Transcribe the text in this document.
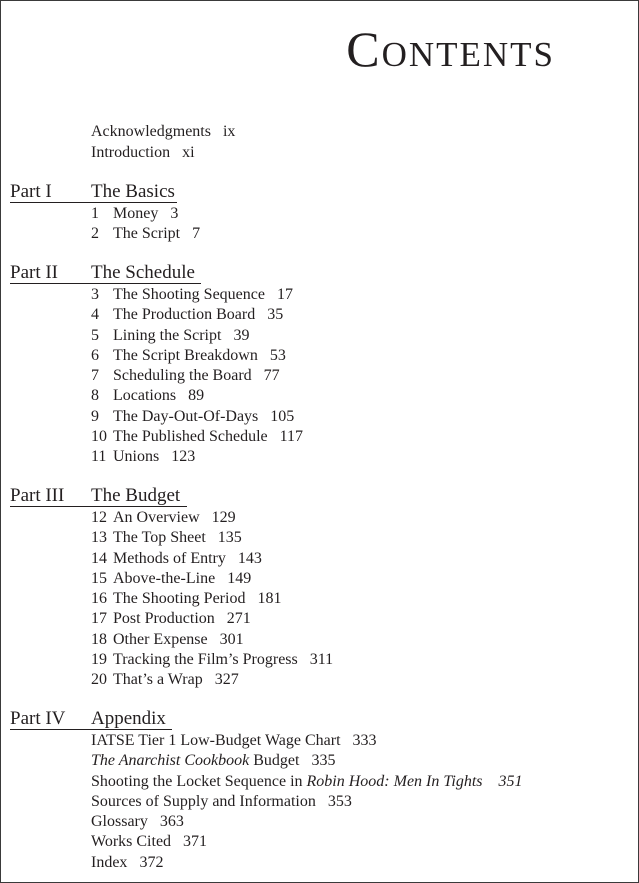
Contents
Acknowledgments ix
Introduction xi
Part I The Basics
1 Money 3
2 The Script 7
Part II The Schedule
3 The Shooting Sequence 17
4 The Production Board 35
5 Lining the Script 39
6 The Script Breakdown 53
7 Scheduling the Board 77
8 Locations 89
9 The Day-Out-Of-Days 105
10 The Published Schedule 117
11 Unions 123
Part III The Budget
12 An Overview 129
13 The Top Sheet 135
14 Methods of Entry 143
15 Above-the-Line 149
16 The Shooting Period 181
17 Post Production 271
18 Other Expense 301
19 Tracking the Film’s Progress 311
20 That’s a Wrap 327
Part IV Appendix
IATSE Tier 1 Low-Budget Wage Chart 333
The Anarchist Cookbook Budget 335
Shooting the Locket Sequence in Robin Hood: Men In Tights 351
Sources of Supply and Information 353
Glossary 363
Works Cited 371
Index 372
